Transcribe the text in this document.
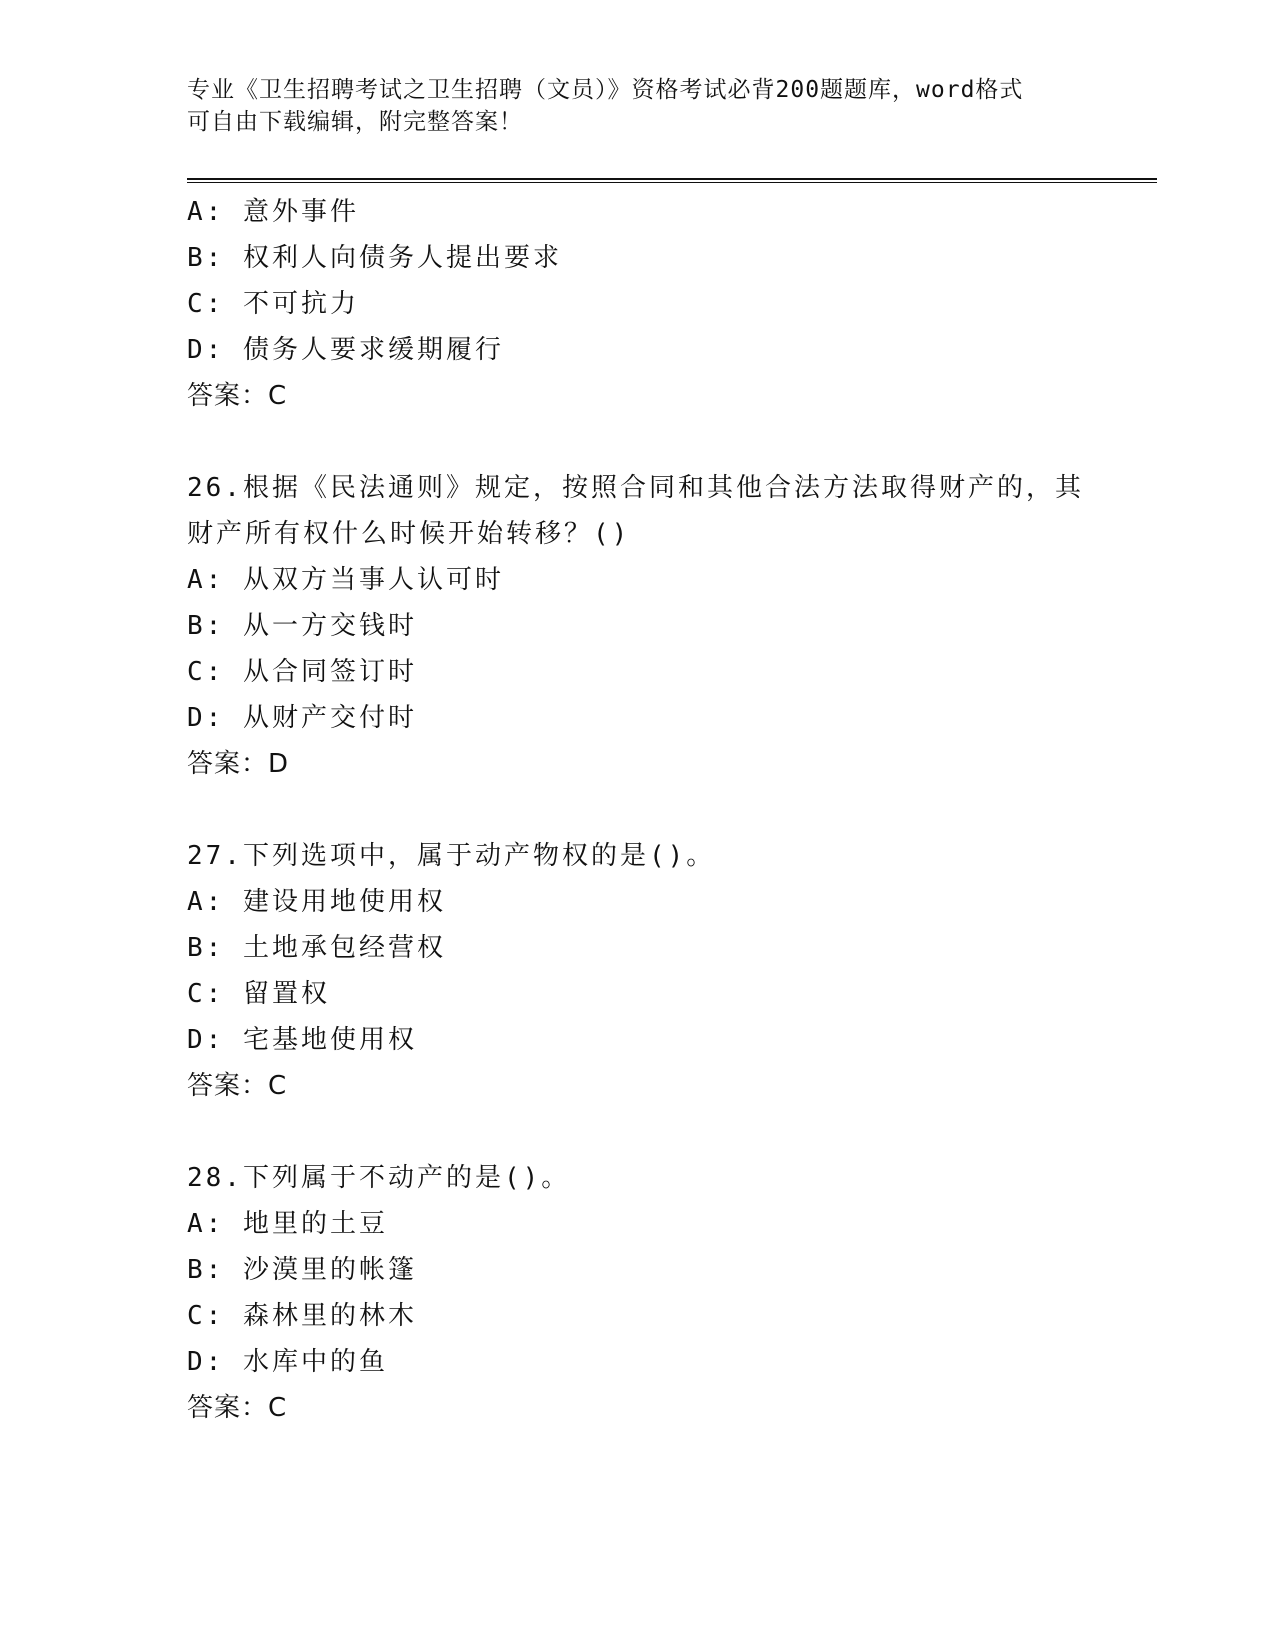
专业《卫生招聘考试之卫生招聘（文员）》资格考试必背200题题库，word格式
可自由下载编辑，附完整答案！
A: 意外事件
B: 权利人向债务人提出要求
C: 不可抗力
D: 债务人要求缓期履行
答案：C
26.根据《民法通则》规定，按照合同和其他合法方法取得财产的，其
财产所有权什么时候开始转移？()
A: 从双方当事人认可时
B: 从一方交钱时
C: 从合同签订时
D: 从财产交付时
答案：D
27.下列选项中，属于动产物权的是()。
A: 建设用地使用权
B: 土地承包经营权
C: 留置权
D: 宅基地使用权
答案：C
28.下列属于不动产的是()。
A: 地里的土豆
B: 沙漠里的帐篷
C: 森林里的林木
D: 水库中的鱼
答案：C
